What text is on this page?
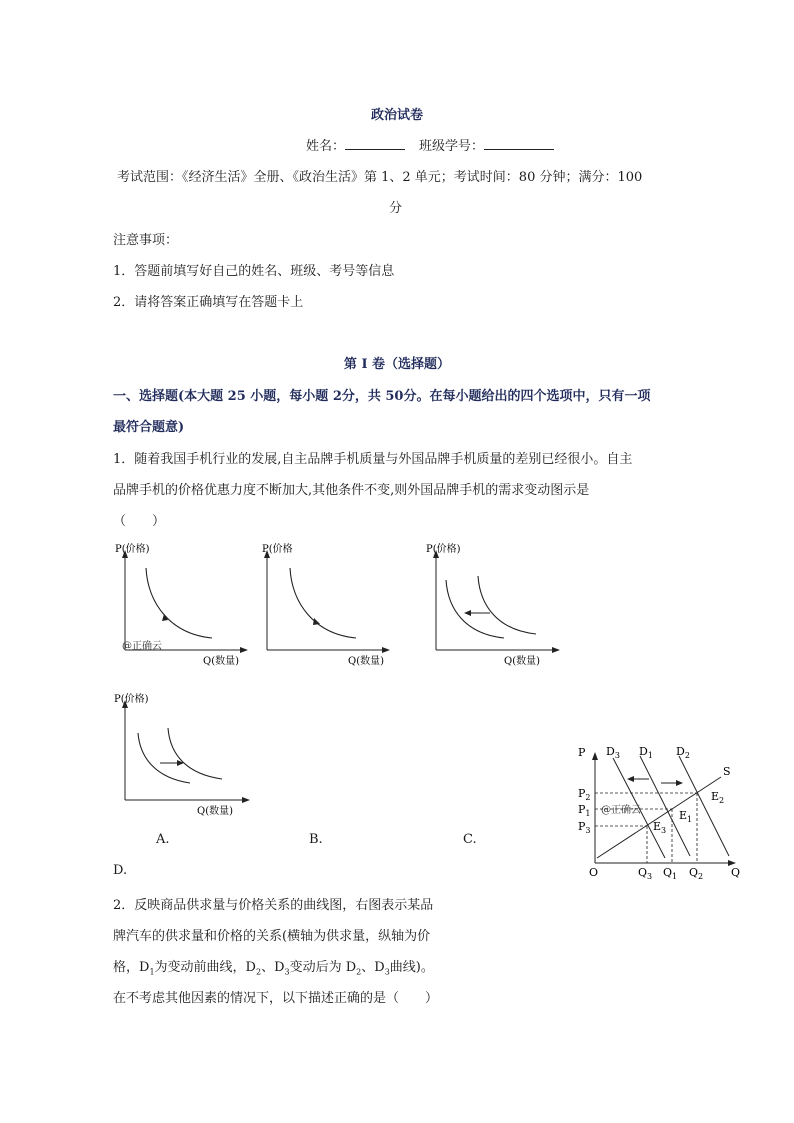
政治试卷
姓名：	班级学号：
考试范围：《经济生活》全册、《政治生活》第 1、2 单元；考试时间：80 分钟；满分：100
分
注意事项：
1．答题前填写好自己的姓名、班级、考号等信息
2．请将答案正确填写在答题卡上
第 I 卷（选择题）
一、选择题(本大题 25 小题，每小题 2分，共 50分。在每小题给出的四个选项中，只有一项
最符合题意)
1．随着我国手机行业的发展,自主品牌手机质量与外国品牌手机质量的差别已经很小。自主
品牌手机的价格优惠力度不断加大,其他条件不变,则外国品牌手机的需求变动图示是
（　　）
P(价格)
Q(数量)
@正确云
P(价格
Q(数量)
P(价格)
Q(数量)
P(价格)
Q(数量)
A.	B.	C.
D.
P
O	Q
S
$D_3$ $D_1$ $D_2$
$P_2$
$P_1$
$P_3$
$E_2$
$E_1$
$E_3$
$Q_3$ $Q_1$ $Q_2$
@正确云
2．反映商品供求量与价格关系的曲线图，右图表示某品
牌汽车的供求量和价格的关系(横轴为供求量，纵轴为价
格，$D_1$为变动前曲线，$D_2$、$D_3$变动后为 $D_2$、$D_3$曲线)。
在不考虑其他因素的情况下，以下描述正确的是（　　）
